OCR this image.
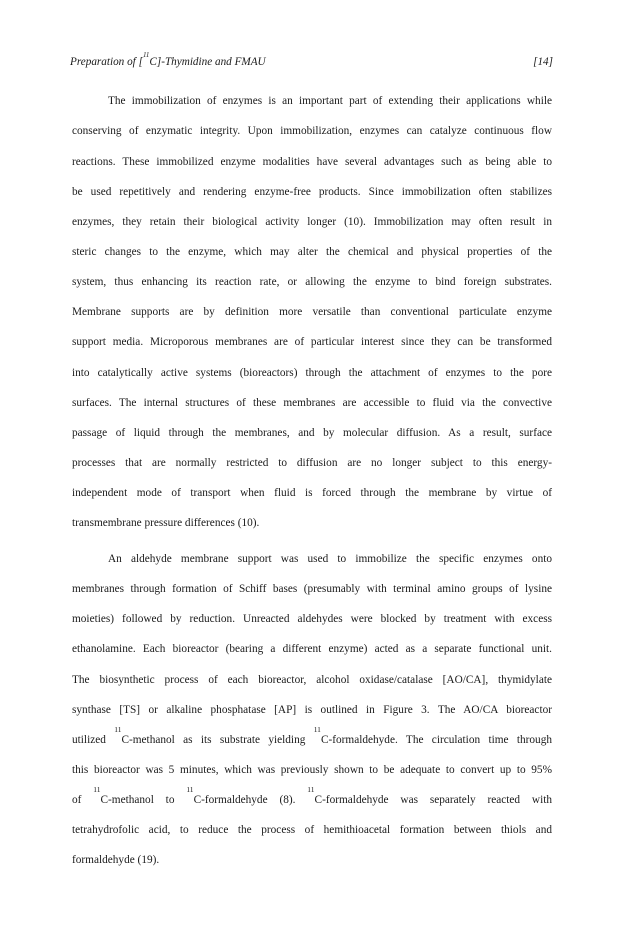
Preparation of [$^{11}$C]-Thymidine and FMAU	[14]
The immobilization of enzymes is an important part of extending their applications while
conserving of enzymatic integrity. Upon immobilization, enzymes can catalyze continuous flow
reactions. These immobilized enzyme modalities have several advantages such as being able to
be used repetitively and rendering enzyme-free products. Since immobilization often stabilizes
enzymes, they retain their biological activity longer (10). Immobilization may often result in
steric changes to the enzyme, which may alter the chemical and physical properties of the
system, thus enhancing its reaction rate, or allowing the enzyme to bind foreign substrates.
Membrane supports are by definition more versatile than conventional particulate enzyme
support media. Microporous membranes are of particular interest since they can be transformed
into catalytically active systems (bioreactors) through the attachment of enzymes to the pore
surfaces. The internal structures of these membranes are accessible to fluid via the convective
passage of liquid through the membranes, and by molecular diffusion. As a result, surface
processes that are normally restricted to diffusion are no longer subject to this energy-
independent mode of transport when fluid is forced through the membrane by virtue of
transmembrane pressure differences (10).
An aldehyde membrane support was used to immobilize the specific enzymes onto
membranes through formation of Schiff bases (presumably with terminal amino groups of lysine
moieties) followed by reduction. Unreacted aldehydes were blocked by treatment with excess
ethanolamine. Each bioreactor (bearing a different enzyme) acted as a separate functional unit.
The biosynthetic process of each bioreactor, alcohol oxidase/catalase [AO/CA], thymidylate
synthase [TS] or alkaline phosphatase [AP] is outlined in Figure 3. The AO/CA bioreactor
utilized $^{11}$C-methanol as its substrate yielding $^{11}$C-formaldehyde. The circulation time through
this bioreactor was 5 minutes, which was previously shown to be adequate to convert up to 95%
of $^{11}$C-methanol to $^{11}$C-formaldehyde (8). $^{11}$C-formaldehyde was separately reacted with
tetrahydrofolic acid, to reduce the process of hemithioacetal formation between thiols and
formaldehyde (19).
